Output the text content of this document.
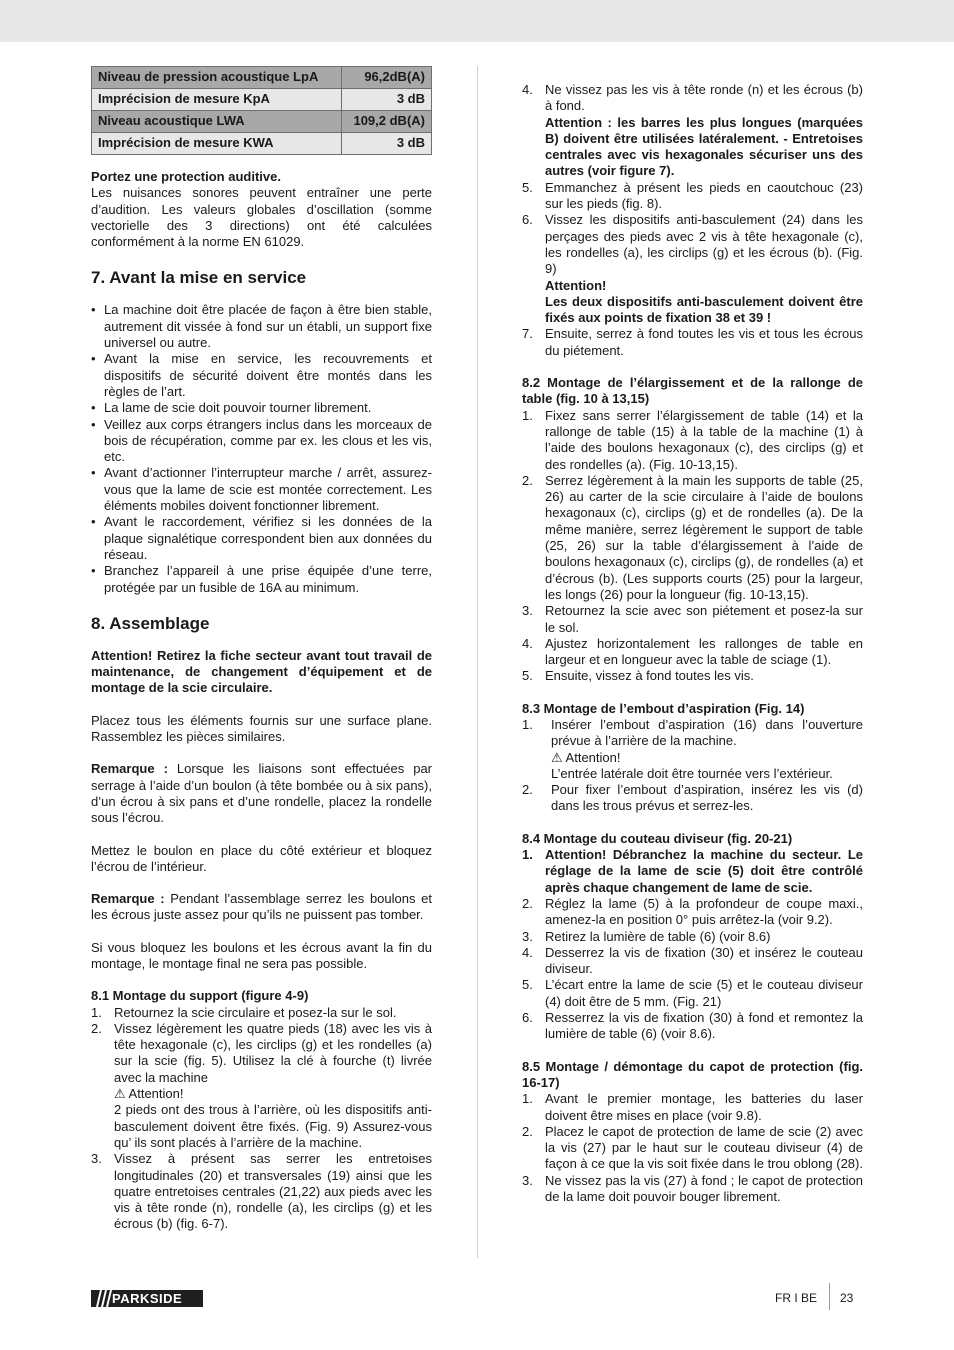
Niveau de pression acoustique LpA	96,2dB(A)
Imprécision de mesure KpA	3 dB
Niveau acoustique LWA	109,2 dB(A)
Imprécision de mesure KWA	3 dB

Portez une protection auditive.

Les nuisances sonores peuvent entraîner une perte d’audition. Les valeurs globales d’oscillation (somme vectorielle des 3 directions) ont été calculées conformément à la norme EN 61029.

7. Avant la mise en service
• La machine doit être placée de façon à être bien stable, autrement dit vissée à fond sur un établi, un support fixe universel ou autre.
• Avant la mise en service, les recouvrements et dispositifs de sécurité doivent être montés dans les règles de l’art.
• La lame de scie doit pouvoir tourner librement.
• Veillez aux corps étrangers inclus dans les morceaux de bois de récupération, comme par ex. les clous et les vis, etc.
• Avant d’actionner l’interrupteur marche / arrêt, assurez-vous que la lame de scie est montée correctement. Les éléments mobiles doivent fonctionner librement.
• Avant le raccordement, vérifiez si les données de la plaque signalétique correspondent bien aux données du réseau.
• Branchez l’appareil à une prise équipée d’une terre, protégée par un fusible de 16A au minimum.
8. Assemblage

Attention! Retirez la fiche secteur avant tout travail de maintenance, de changement d’équipement et de montage de la scie circulaire.

Placez tous les éléments fournis sur une surface plane. Rassemblez les pièces similaires.

Remarque : Lorsque les liaisons sont effectuées par serrage à l’aide d’un boulon (à tête bombée ou à six pans), d’un écrou à six pans et d’une rondelle, placez la rondelle sous l’écrou.

Mettez le boulon en place du côté extérieur et bloquez l’écrou de l’intérieur.

Remarque : Pendant l’assemblage serrez les boulons et les écrous juste assez pour qu’ils ne puissent pas tomber.

Si vous bloquez les boulons et les écrous avant la fin du montage, le montage final ne sera pas possible.

8.1 Montage du support (figure 4-9)
1. Retournez la scie circulaire et posez-la sur le sol.
2. Vissez légèrement les quatre pieds (18) avec les vis à tête hexagonale (c), les circlips (g) et les rondelles (a) sur la scie (fig. 5). Utilisez la clé à fourche (t) livrée avec la machine
⚠ Attention!
2 pieds ont des trous à l’arrière, où les dispositifs anti-basculement doivent être fixés. (Fig. 9) Assurez-vous qu’ ils sont placés à l’arrière de la machine.
3. Vissez à présent sas serrer les entretoises longitudinales (20) et transversales (19) ainsi que les quatre entretoises centrales (21,22) aux pieds avec les vis à tête ronde (n), rondelle (a), les circlips (g) et les écrous (b) (fig. 6-7).
4. Ne vissez pas les vis à tête ronde (n) et les écrous (b) à fond.
Attention : les barres les plus longues (marquées B) doivent être utilisées latéralement. - Entretoises centrales avec vis hexagonales sécuriser uns des autres (voir figure 7).
5. Emmanchez à présent les pieds en caoutchouc (23) sur les pieds (fig. 8).
6. Vissez les dispositifs anti-basculement (24) dans les perçages des pieds avec 2 vis à tête hexagonale (c), les rondelles (a), les circlips (g) et les écrous (b). (Fig. 9)
Attention!
Les deux dispositifs anti-basculement doivent être fixés aux points de fixation 38 et 39 !
7. Ensuite, serrez à fond toutes les vis et tous les écrous du piétement.
8.2 Montage de l’élargissement et de la rallonge de table (fig. 10 à 13,15)
1. Fixez sans serrer l’élargissement de table (14) et la rallonge de table (15) à la table de la machine (1) à l’aide des boulons hexagonaux (c), des circlips (g) et des rondelles (a). (Fig. 10-13,15).
2. Serrez légèrement à la main les supports de table (25, 26) au carter de la scie circulaire à l’aide de boulons hexagonaux (c), circlips (g) et de rondelles (a). De la même manière, serrez légèrement le support de table (25, 26) sur la table d’élargissement à l’aide de boulons hexagonaux (c), circlips (g), de rondelles (a) et d’écrous (b). (Les supports courts (25) pour la largeur, les longs (26) pour la longueur (fig. 10-13,15).
3. Retournez la scie avec son piétement et posez-la sur le sol.
4. Ajustez horizontalement les rallonges de table en largeur et en longueur avec la table de sciage (1).
5. Ensuite, vissez à fond toutes les vis.
8.3 Montage de l’embout d’aspiration (Fig. 14)
1. Insérer l’embout d’aspiration (16) dans l’ouverture prévue à l’arrière de la machine.
⚠ Attention!
L’entrée latérale doit être tournée vers l’extérieur.
2. Pour fixer l’embout d’aspiration, insérez les vis (d) dans les trous prévus et serrez-les.
8.4 Montage du couteau diviseur (fig. 20-21)
1. Attention! Débranchez la machine du secteur. Le réglage de la lame de scie (5) doit être contrôlé après chaque changement de lame de scie.
2. Réglez la lame (5) à la profondeur de coupe maxi., amenez-la en position 0° puis arrêtez-la (voir 9.2).
3. Retirez la lumière de table (6) (voir 8.6)
4. Desserrez la vis de fixation (30) et insérez le couteau diviseur.
5. L’écart entre la lame de scie (5) et le couteau diviseur (4) doit être de 5 mm. (Fig. 21)
6. Resserrez la vis de fixation (30) à fond et remontez la lumière de table (6) (voir 8.6).
8.5 Montage / démontage du capot de protection (fig. 16-17)
1. Avant le premier montage, les batteries du laser doivent être mises en place (voir 9.8).
2. Placez le capot de protection de lame de scie (2) avec la vis (27) par le haut sur le couteau diviseur (4) de façon à ce que la vis soit fixée dans le trou oblong (28).
3. Ne vissez pas la vis (27) à fond ; le capot de protection de la lame doit pouvoir bouger librement.
PARKSIDE	FR I BE 23
